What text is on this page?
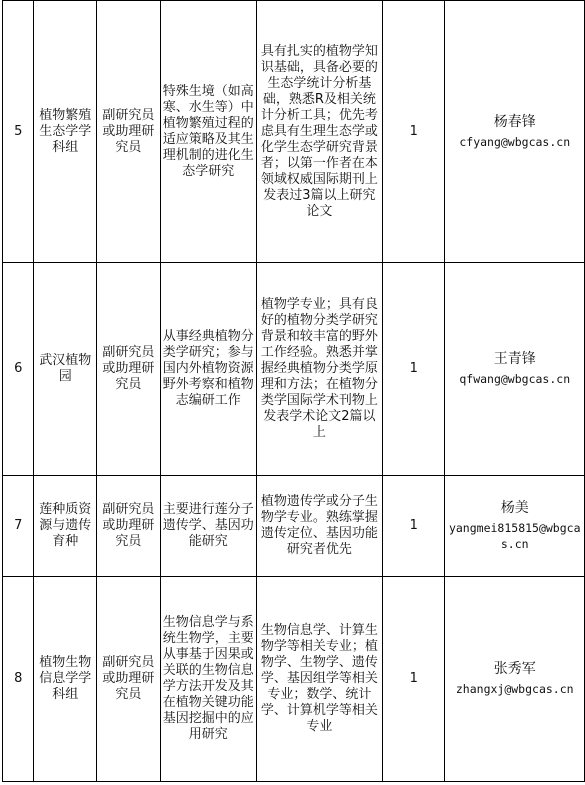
5	植物繁殖生态学学科组	副研究员或助理研究员	特殊生境（如高寒、水生等）中植物繁殖过程的适应策略及其生理机制的进化生态学研究	具有扎实的植物学知识基础，具备必要的生态学统计分析基础，熟悉R及相关统计分析工具；优先考虑具有生理生态学或化学生态学研究背景者；以第一作者在本领域权威国际期刊上发表过3篇以上研究论文	1	杨春锋
cfyang@wbgcas.cn

6	武汉植物园	副研究员或助理研究员	从事经典植物分类学研究；参与国内外植物资源野外考察和植物志编研工作	植物学专业；具有良好的植物分类学研究背景和较丰富的野外工作经验。熟悉并掌握经典植物分类学原理和方法；在植物分类学国际学术刊物上发表学术论文2篇以上	1	王青锋
qfwang@wbgcas.cn

7	莲种质资源与遗传育种	副研究员或助理研究员	主要进行莲分子遗传学、基因功能研究	植物遗传学或分子生物学专业。熟练掌握遗传定位、基因功能研究者优先	1	杨美
yangmei815815@wbgcas.cn

8	植物生物信息学学科组	副研究员或助理研究员	生物信息学与系统生物学，主要从事基于因果或关联的生物信息学方法开发及其在植物关键功能基因挖掘中的应用研究	生物信息学、计算生物学等相关专业；植物学、生物学、遗传学、基因组学等相关专业；数学、统计学、计算机学等相关专业	1	张秀军
zhangxj@wbgcas.cn
